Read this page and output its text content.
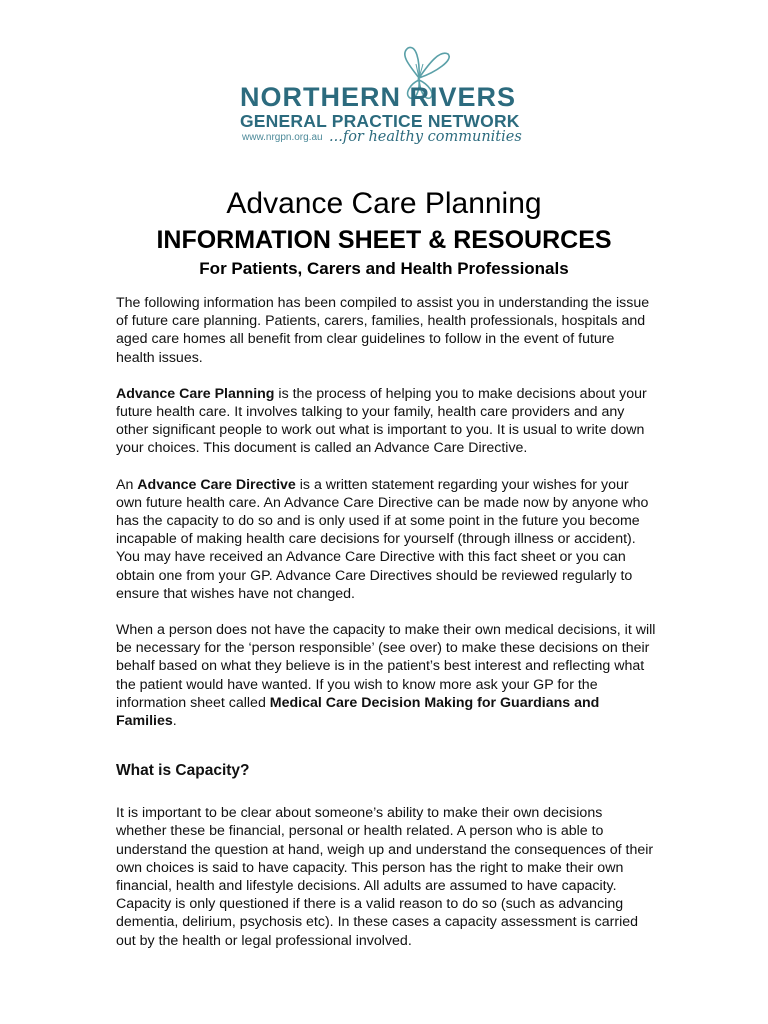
NORTHERN RIVERS
GENERAL PRACTICE NETWORK
www.nrgpn.org.au ...for healthy communities
Advance Care Planning
INFORMATION SHEET & RESOURCES
For Patients, Carers and Health Professionals

The following information has been compiled to assist you in understanding the issue of future care planning. Patients, carers, families, health professionals, hospitals and aged care homes all benefit from clear guidelines to follow in the event of future health issues.

Advance Care Planning is the process of helping you to make decisions about your future health care. It involves talking to your family, health care providers and any other significant people to work out what is important to you. It is usual to write down your choices. This document is called an Advance Care Directive.

An Advance Care Directive is a written statement regarding your wishes for your own future health care. An Advance Care Directive can be made now by anyone who has the capacity to do so and is only used if at some point in the future you become incapable of making health care decisions for yourself (through illness or accident). You may have received an Advance Care Directive with this fact sheet or you can obtain one from your GP. Advance Care Directives should be reviewed regularly to ensure that wishes have not changed.

When a person does not have the capacity to make their own medical decisions, it will be necessary for the ‘person responsible’ (see over) to make these decisions on their behalf based on what they believe is in the patient’s best interest and reflecting what the patient would have wanted. If you wish to know more ask your GP for the information sheet called Medical Care Decision Making for Guardians and Families.

What is Capacity?

It is important to be clear about someone’s ability to make their own decisions whether these be financial, personal or health related. A person who is able to understand the question at hand, weigh up and understand the consequences of their own choices is said to have capacity. This person has the right to make their own financial, health and lifestyle decisions. All adults are assumed to have capacity. Capacity is only questioned if there is a valid reason to do so (such as advancing dementia, delirium, psychosis etc). In these cases a capacity assessment is carried out by the health or legal professional involved.
